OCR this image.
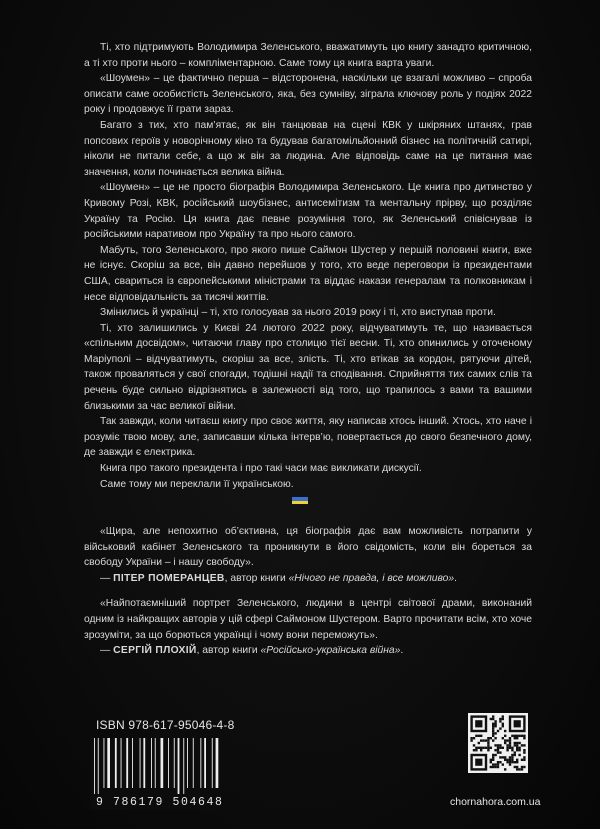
Ті, хто підтримують Володимира Зеленського, вважатимуть цю книгу занадто критичною, а ті хто проти нього – компліментарною. Саме тому ця книга варта уваги.

«Шоумен» – це фактично перша – відсторонена, наскільки це взагалі можливо – спроба описати саме особистість Зеленського, яка, без сумніву, зіграла ключову роль у подіях 2022 року і продовжує її грати зараз.

Багато з тих, хто пам’ятає, як він танцював на сцені КВК у шкіряних штанях, грав попсових героїв у новорічному кіно та будував багатомільйонний бізнес на політичній сатирі, ніколи не питали себе, а що ж він за людина. Але відповідь саме на це питання має значення, коли починається велика війна.

«Шоумен» – це не просто біографія Володимира Зеленського. Це книга про дитинство у Кривому Розі, КВК, російський шоубізнес, антисемітизм та ментальну прірву, що розділяє Україну та Росію. Ця книга дає певне розуміння того, як Зеленський співіснував із російськими наративом про Україну та про нього самого.

Мабуть, того Зеленського, про якого пише Саймон Шустер у першій половині книги, вже не існує. Скоріш за все, він давно перейшов у того, хто веде переговори із президентами США, свариться із європейськими міністрами та віддає накази генералам та полковникам і несе відповідальність за тисячі життів.

Змінились й українці – ті, хто голосував за нього 2019 року і ті, хто виступав проти.

Ті, хто залишились у Києві 24 лютого 2022 року, відчуватимуть те, що називається «спільним досвідом», читаючи главу про столицю тієї весни. Ті, хто опинились у оточеному Маріуполі – відчуватимуть, скоріш за все, злість. Ті, хто втікав за кордон, рятуючи дітей, також провалятьcя у свої спогади, тодішні надії та сподівання. Сприйняття тих самих слів та речень буде сильно відрізнятись в залежності від того, що трапилось з вами та вашими близькими за час великої війни.

Так завжди, коли читаєш книгу про своє життя, яку написав хтось інший. Хтось, хто наче і розуміє твою мову, але, записавши кілька інтерв’ю, повертається до свого безпечного дому, де завжди є електрика.

Книга про такого президента і про такі часи має викликати дискусії.

Саме тому ми переклали її українською.

«Щира, але непохитно об’єктивна, ця біографія дає вам можливість потрапити у військовий кабінет Зеленського та проникнути в його свідомість, коли він бореться за свободу України – і нашу свободу».

— ПІТЕР ПОМЕРАНЦЕВ, автор книги «Нічого не правда, і все можливо».

«Найпотаємніший портрет Зеленського, людини в центрі світової драми, виконаний одним із найкращих авторів у цій сфері Саймоном Шустером. Варто прочитати всім, хто хоче зрозуміти, за що борються українці і чому вони переможуть».

— СЕРГІЙ ПЛОХІЙ, автор книги «Російсько-українська війна».
ISBN 978-617-95046-4-8
9 786179 504648	chornahora.com.ua
